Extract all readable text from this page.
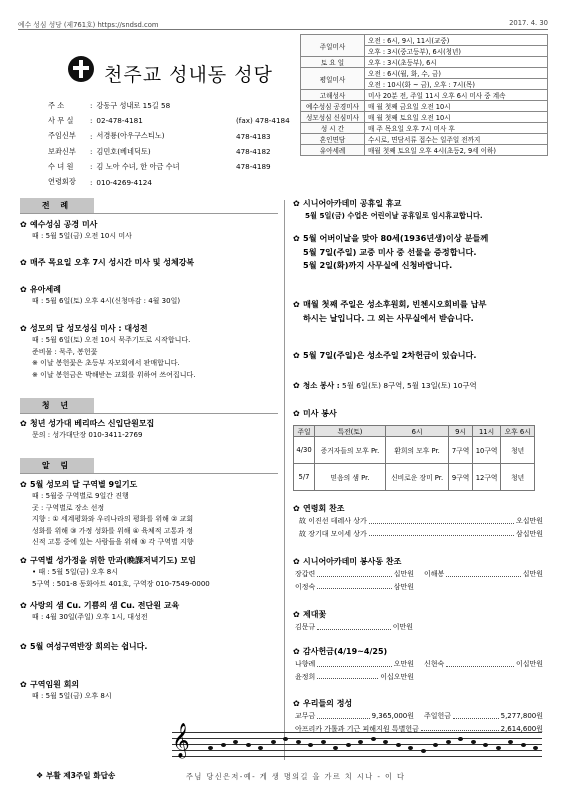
예수 성심 성당 (제761호) https://sndsd.com	2017. 4. 30
천주교 성내동 성당
주 소	: 강동구 성내로 15길 58
사 무 실	: 02-478-4181	(fax) 478-4184
주임신부	: 서경룡(아우구스티노)	478-4183
보좌신부	: 김민호(베네딕토)	478-4182
수 녀 원	: 김 노아 수녀, 한 아금 수녀	478-4189
연령회장	: 010-4269-4124
주일미사	오전 : 6시, 9시, 11시(교중)
	오후 : 3시(중고등부), 6시(청년)
토 요 일	오후 : 3시(초등부), 6시
평일미사	오전 : 6시(월, 화, 수, 금)
	오전 : 10시(화 ~ 금), 오후 : 7시(목)
고해성사	미사 20분 전, 주일 11시 오후 6시 미사 중 계속
예수성심 공경미사	매 월 첫째 금요일 오전 10시
성모성심 신심미사	매 월 첫째 토요일 오전 10시
성 시 간	매 주 목요일 오후 7시 미사 후
혼인면담	수시로, 면담서류 접수는 일주일 전까지
유아세례	매월 첫째 토요일 오후 4시(초등2, 9세 이하)
전 례
✿ 예수성심 공경 미사
때 : 5월 5일(금) 오전 10시 미사
✿ 매주 목요일 오후 7시 성시간 미사 및 성체강복
✿ 유아세례
때 : 5월 6일(토) 오후 4시(신청마감 : 4월 30일)
✿ 성모의 달 성모성심 미사 : 대성전
때 : 5월 6일(토) 오전 10시 묵주기도로 시작합니다.
준비물 : 묵주, 봉헌꽃
※ 이날 봉헌꽃은 초등부 자모회에서 판매합니다.
※ 이날 봉헌금은 박해받는 교회를 위하여 쓰여집니다.
청 년
✿ 청년 성가대 베리따스 신입단원모집
문의 : 성가대단장 010-3411-2769
알 림
✿ 5월 성모의 달 구역별 9일기도
때 : 5월중 구역별로 9일간 진행
곳 : 구역별로 장소 선정
지향 : ① 세계평화와 우리나라의 평화를 위해 ② 교회
성화를 위해 ③ 가정 성화를 위해 ④ 육체적 고통과 정
신적 고통 중에 있는 사람들을 위해 ⑤ 각 구역별 지향
✿ 구역별 성가정을 위한 만과(晩課저녁기도) 모임
• 때 : 5월 5일(금) 오후 8시
5구역 : 501-8 동화아트 401호, 구역장 010-7549-0000
✿ 사랑의 샘 Cu. 기쁨의 샘 Cu. 전단원 교육
때 : 4월 30일(주일) 오후 1시, 대성전
✿ 5월 여성구역반장 회의는 쉽니다.
✿ 구역임원 회의
때 : 5월 5일(금) 오후 8시
✿ 시니어아카데미 공휴일 휴교
5월 5일(금) 수업은 어린이날 공휴일로 임시휴교합니다.
✿ 5월 어버이날을 맞아 80세(1936년생)이상 분들께
5월 7일(주일) 교중 미사 중 선물을 증정합니다.
5월 2일(화)까지 사무실에 신청바랍니다.
✿ 매월 첫째 주일은 성소후원회, 빈첸시오회비를 납부
하시는 날입니다. 그 외는 사무실에서 받습니다.
✿ 5월 7일(주일)은 성소주일 2차헌금이 있습니다.
✿ 청소 봉사 : 5월 6일(토) 8구역, 5월 13일(토) 10구역
✿ 미사 봉사
주일	특전(토)	6시	9시	11시	오후 6시
4/30	증거자들의 모후 Pr.	환희의 모후 Pr.	7구역	10구역	청년
5/7	믿음의 샘 Pr.	신비로운 장미 Pr.	9구역	12구역	청년
✿ 연령회 찬조
故 이진선 데레사 상가	오십만원
故 장기대 모이세 상가	삼십만원
✿ 시니어아카데미 봉사동 찬조
장갑련	십만원 이해봉	십만원
이정숙	삼만원
✿ 제대꽃
김문규	이만원
✿ 감사헌금(4/19~4/25)
나향례	오만원 신현숙	이십만원
윤정희	이십오만원
✿ 우리들의 정성
교무금	9,365,000원 주일헌금	5,277,800원
아프리카 가톨과 기근 피해지원 특별헌금	2,614,600원
𝄞
주님 당신은저-예- 게 생 명의길 을 가르 치 시나 - 이 다
❖ 부활 제3주일 화답송
